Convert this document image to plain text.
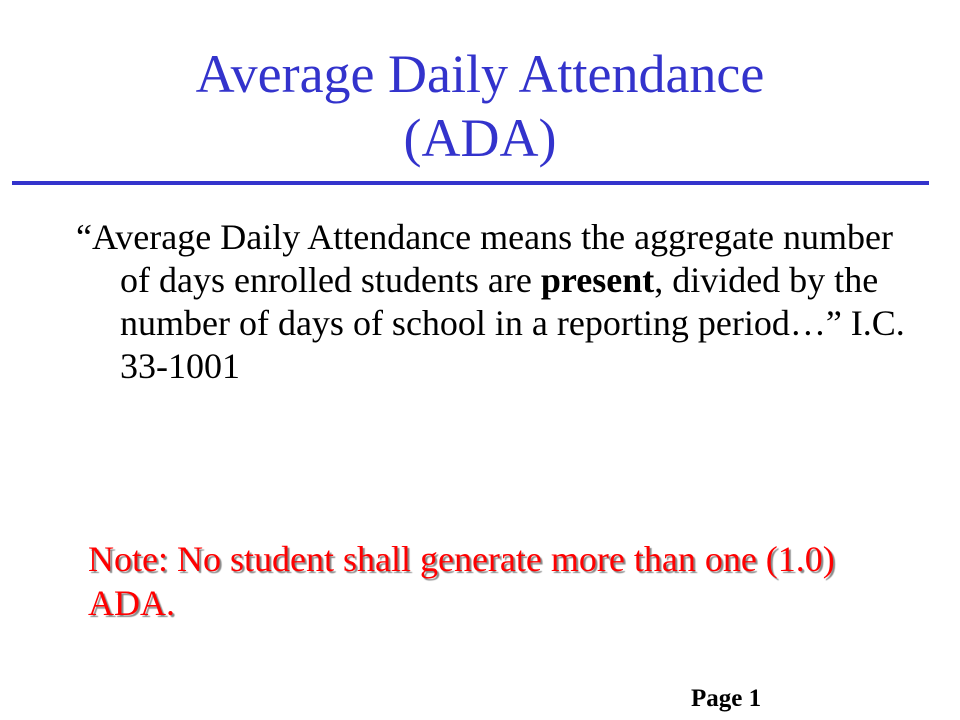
Average Daily Attendance
(ADA)

“Average Daily Attendance means the aggregate number of days enrolled students are present, divided by the number of days of school in a reporting period…” I.C. 33-1001

Note: No student shall generate more than one (1.0) ADA.

Page 1
